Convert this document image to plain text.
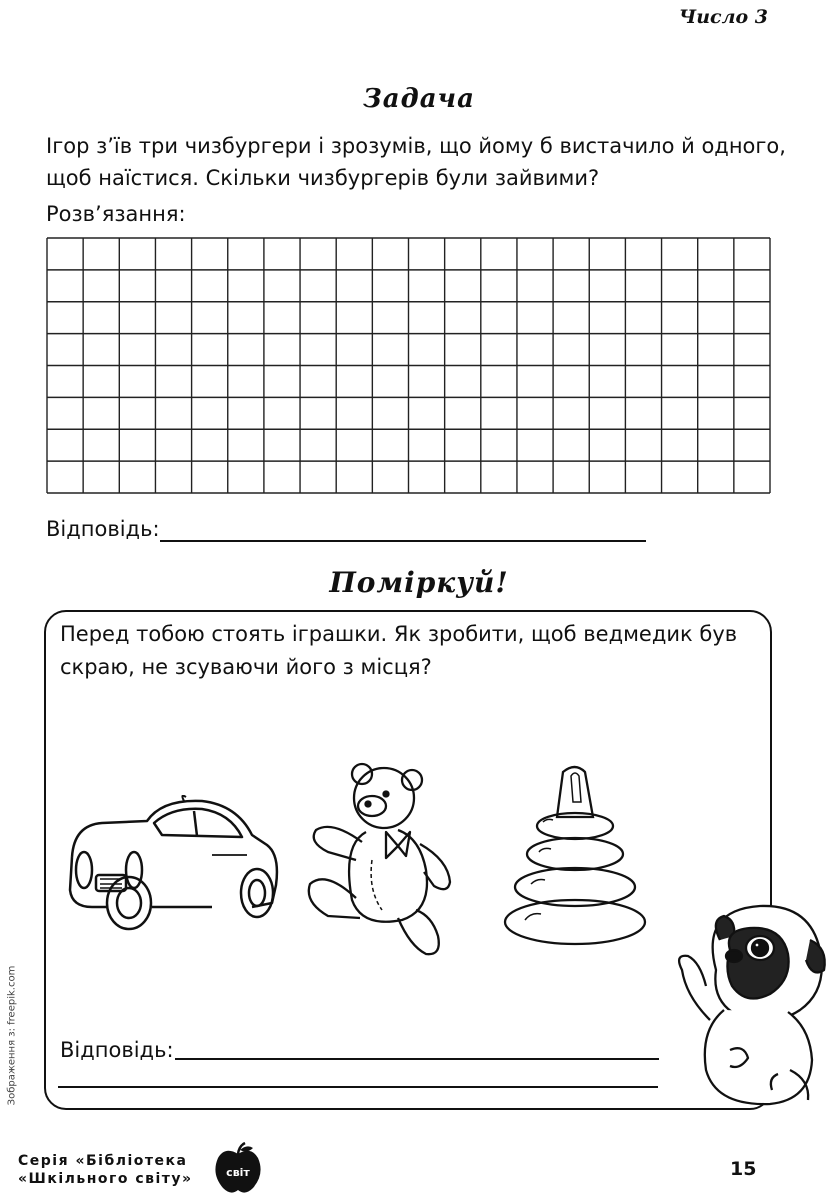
Число 3
Задача
Ігор з’їв три чизбургери і зрозумів, що йому б вистачило й одного, щоб наїстися. Скільки чизбургерів були зайвими?
Розв’язання:
Відповідь:
Поміркуй!
Перед тобою стоять іграшки. Як зробити, щоб ведмедик був скраю, не зсуваючи його з місця?
Відповідь:
Зображення з: freepik.com
Серія «Бібліотека
«Шкільного світу»	світ	15
